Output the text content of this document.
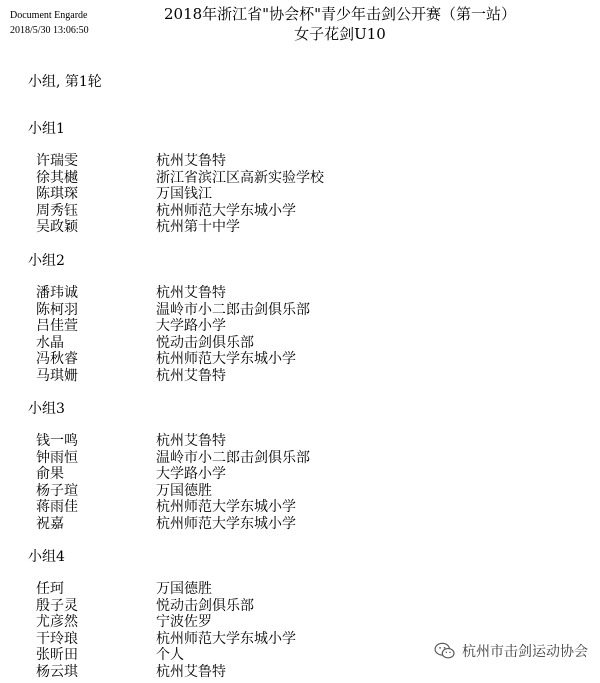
Document Engarde
2018/5/30 13:06:50
2018年浙江省"协会杯"青少年击剑公开赛（第一站）
女子花剑U10
小组, 第1轮
小组1
许瑞雯	杭州艾鲁特
徐其樾	浙江省滨江区高新实验学校
陈琪琛	万国钱江
周秀钰	杭州师范大学东城小学
吴政颖	杭州第十中学
小组2
潘玮诚	杭州艾鲁特
陈柯羽	温岭市小二郎击剑俱乐部
吕佳萱	大学路小学
水晶	悦动击剑俱乐部
冯秋睿	杭州师范大学东城小学
马琪姗	杭州艾鲁特
小组3
钱一鸣	杭州艾鲁特
钟雨恒	温岭市小二郎击剑俱乐部
俞果	大学路小学
杨子瑄	万国德胜
蒋雨佳	杭州师范大学东城小学
祝嘉	杭州师范大学东城小学
小组4
任珂	万国德胜
殷子灵	悦动击剑俱乐部
尤彦然	宁波佐罗
干玲琅	杭州师范大学东城小学
张昕田	个人
杨云琪	杭州艾鲁特
杭州市击剑运动协会
